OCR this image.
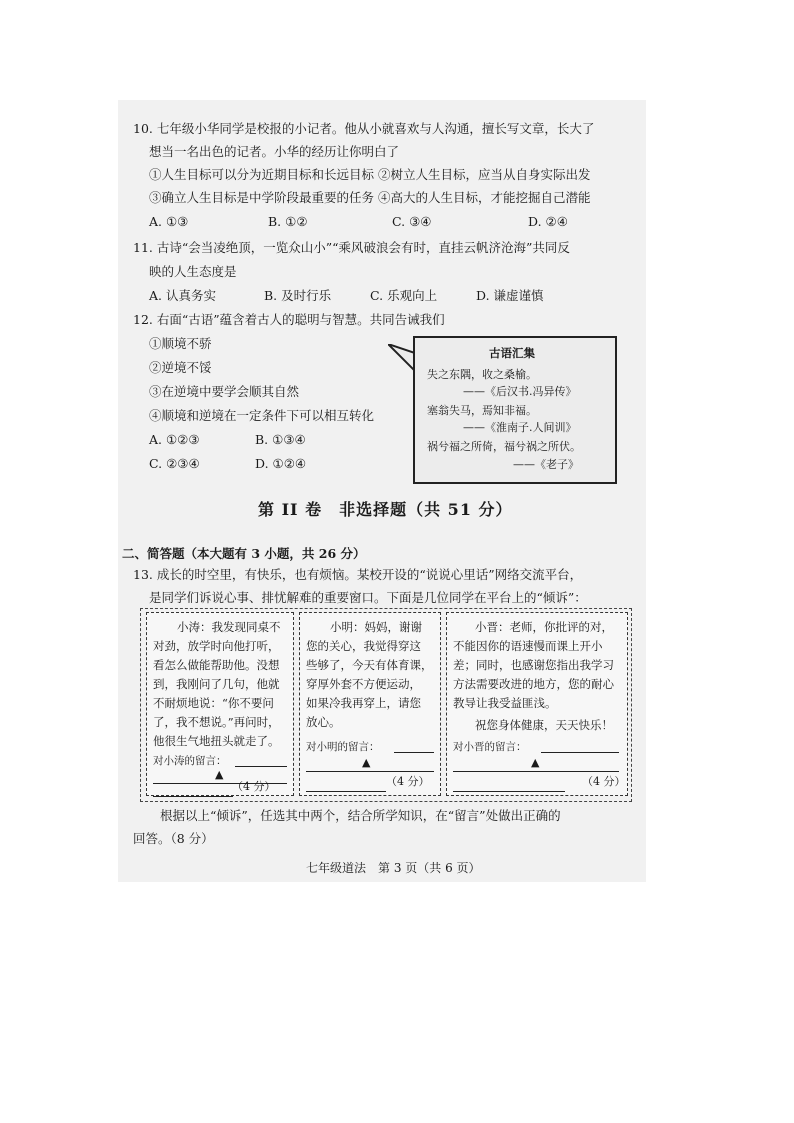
10. 七年级小华同学是校报的小记者。他从小就喜欢与人沟通，擅长写文章，长大了
想当一名出色的记者。小华的经历让你明白了
①人生目标可以分为近期目标和长远目标 ②树立人生目标，应当从自身实际出发
③确立人生目标是中学阶段最重要的任务 ④高大的人生目标，才能挖掘自己潜能
A. ①③	B. ①②	C. ③④	D. ②④
11. 古诗“会当凌绝顶，一览众山小”“乘风破浪会有时，直挂云帆济沧海”共同反
映的人生态度是
A. 认真务实	B. 及时行乐	C. 乐观向上	D. 谦虚谨慎
12. 右面“古语”蕴含着古人的聪明与智慧。共同告诫我们
①顺境不骄
②逆境不馁
③在逆境中要学会顺其自然
④顺境和逆境在一定条件下可以相互转化
A. ①②③	B. ①③④
C. ②③④	D. ①②④
古语汇集
失之东隅，收之桑榆。
——《后汉书.冯异传》
塞翁失马，焉知非福。
——《淮南子.人间训》
祸兮福之所倚，福兮祸之所伏。
——《老子》
第 II 卷　非选择题（共 51 分）
二、简答题（本大题有 3 小题，共 26 分）
13. 成长的时空里，有快乐，也有烦恼。某校开设的“说说心里话”网络交流平台，
是同学们诉说心事、排忧解难的重要窗口。下面是几位同学在平台上的“倾诉”：
小涛：我发现同桌不
对劲，放学时向他打听，
看怎么做能帮助他。没想
到，我刚问了几句，他就
不耐烦地说：“你不要问
了，我不想说。”再问时，
他很生气地扭头就走了。
对小涛的留言：
▲
（4 分）
小明：妈妈，谢谢
您的关心，我觉得穿这
些够了，今天有体育课，
穿厚外套不方便运动，
如果冷我再穿上，请您
放心。
对小明的留言：
▲
（4 分）
小晋：老师，你批评的对，
不能因你的语速慢而课上开小
差；同时，也感谢您指出我学习
方法需要改进的地方，您的耐心
教导让我受益匪浅。
祝您身体健康，天天快乐！
对小晋的留言：
▲
（4 分）
根据以上“倾诉”，任选其中两个，结合所学知识，在“留言”处做出正确的
回答。（8 分）
七年级道法　第 3 页（共 6 页）
